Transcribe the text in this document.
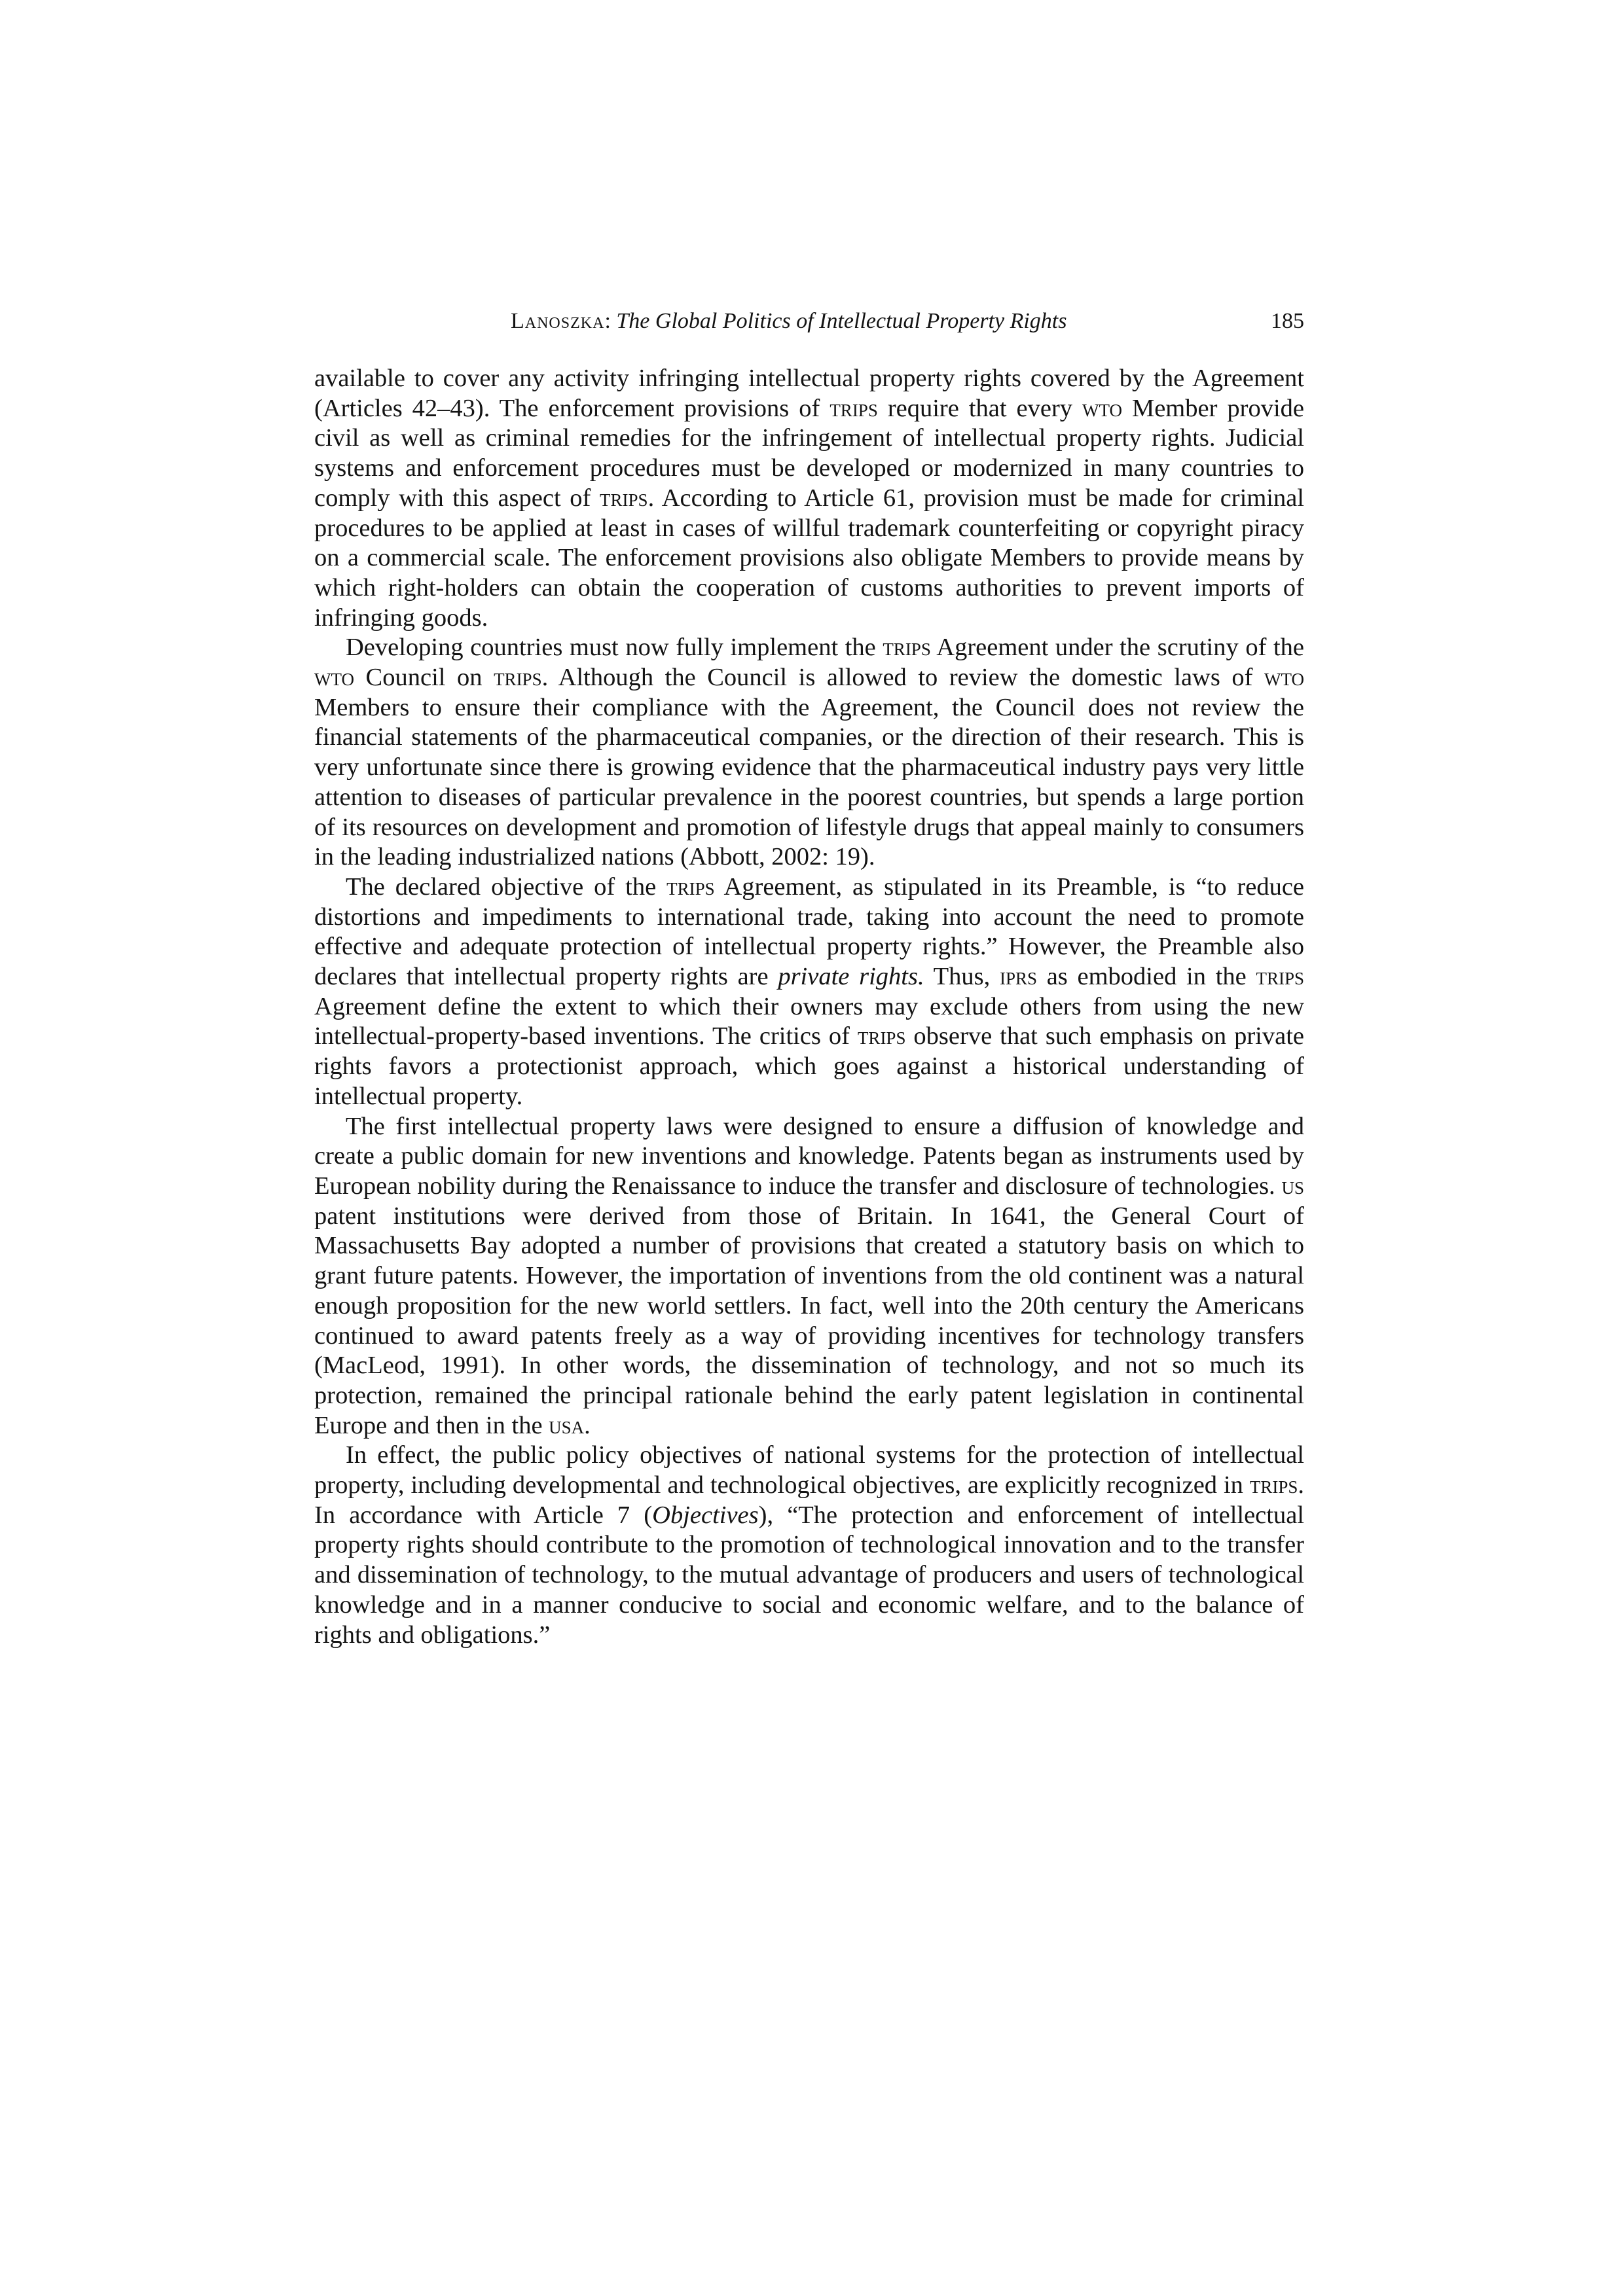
Lanoszka: The Global Politics of Intellectual Property Rights	185

available to cover any activity infringing intellectual property rights covered by the Agreement (Articles 42–43). The enforcement provisions of trips require that every wto Member provide civil as well as criminal remedies for the infringement of intellectual property rights. Judicial systems and enforcement procedures must be developed or modernized in many countries to comply with this aspect of trips. According to Article 61, provision must be made for criminal procedures to be applied at least in cases of willful trademark counterfeiting or copyright piracy on a commercial scale. The enforcement provisions also obligate Members to provide means by which right-holders can obtain the cooperation of customs authorities to prevent imports of infringing goods.

Developing countries must now fully implement the trips Agreement under the scrutiny of the wto Council on trips. Although the Council is allowed to review the domestic laws of wto Members to ensure their compliance with the Agreement, the Council does not review the financial statements of the pharmaceutical companies, or the direction of their research. This is very unfortunate since there is growing evidence that the pharmaceutical industry pays very little attention to diseases of particular prevalence in the poorest countries, but spends a large portion of its resources on development and promotion of lifestyle drugs that appeal mainly to consumers in the leading industrialized nations (Abbott, 2002: 19).

The declared objective of the trips Agreement, as stipulated in its Preamble, is “to reduce distortions and impediments to international trade, taking into account the need to promote effective and adequate protection of intellectual property rights.” However, the Preamble also declares that intellectual property rights are private rights. Thus, iprs as embodied in the trips Agreement define the extent to which their owners may exclude others from using the new intellectual-property-based inventions. The critics of trips observe that such emphasis on private rights favors a protectionist approach, which goes against a historical understanding of intellectual property.

The first intellectual property laws were designed to ensure a diffusion of knowledge and create a public domain for new inventions and knowledge. Patents began as instruments used by European nobility during the Renaissance to induce the transfer and disclosure of technologies. us patent institutions were derived from those of Britain. In 1641, the General Court of Massachusetts Bay adopted a number of provisions that created a statutory basis on which to grant future patents. However, the importation of inventions from the old continent was a natural enough proposition for the new world settlers. In fact, well into the 20th century the Americans continued to award patents freely as a way of providing incentives for technology transfers (MacLeod, 1991). In other words, the dissemination of technology, and not so much its protection, remained the principal rationale behind the early patent legislation in continental Europe and then in the usa.

In effect, the public policy objectives of national systems for the protection of intellectual property, including developmental and technological objectives, are explicitly recognized in trips. In accordance with Article 7 (Objectives), “The protection and enforcement of intellectual property rights should contribute to the promotion of technological innovation and to the transfer and dissemination of technology, to the mutual advantage of producers and users of technological knowledge and in a manner conducive to social and economic welfare, and to the balance of rights and obligations.”
